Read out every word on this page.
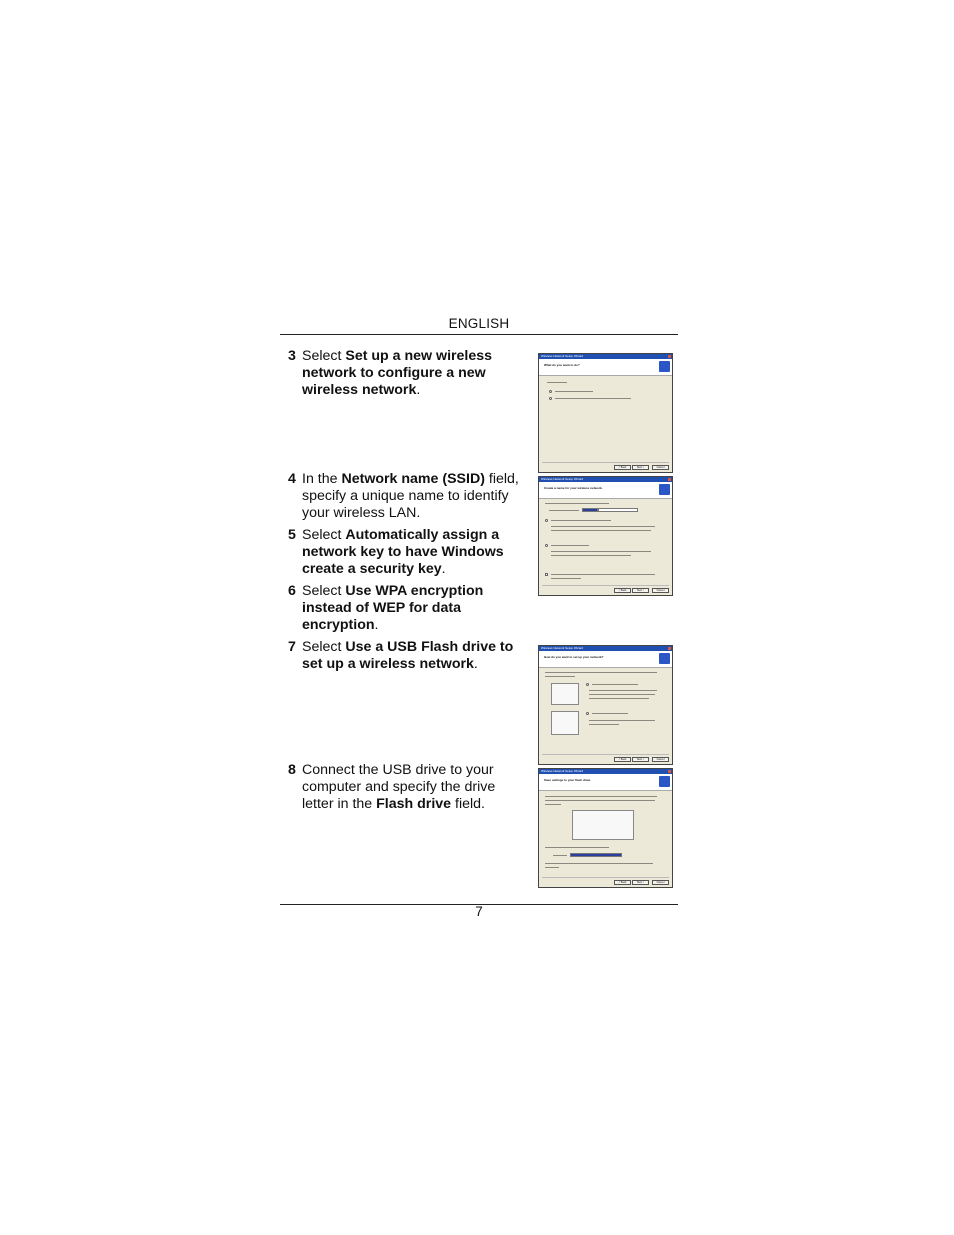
ENGLISH
3 Select Set up a new wireless network to configure a new wireless network.
4 In the Network name (SSID) field, specify a unique name to identify your wireless LAN.
5 Select Automatically assign a network key to have Windows create a security key.
6 Select Use WPA encryption instead of WEP for data encryption.
7 Select Use a USB Flash drive to set up a wireless network.
8 Connect the USB drive to your computer and specify the drive letter in the Flash drive field.
Wireless Network Setup Wizard
What do you want to do?
< Back	Next >	Cancel
Wireless Network Setup Wizard
Create a name for your wireless network.
< Back	Next >	Cancel
Wireless Network Setup Wizard
How do you want to set up your network?
< Back	Next >	Cancel
Wireless Network Setup Wizard
Save settings to your flash drive.
< Back	Next >	Cancel
7
